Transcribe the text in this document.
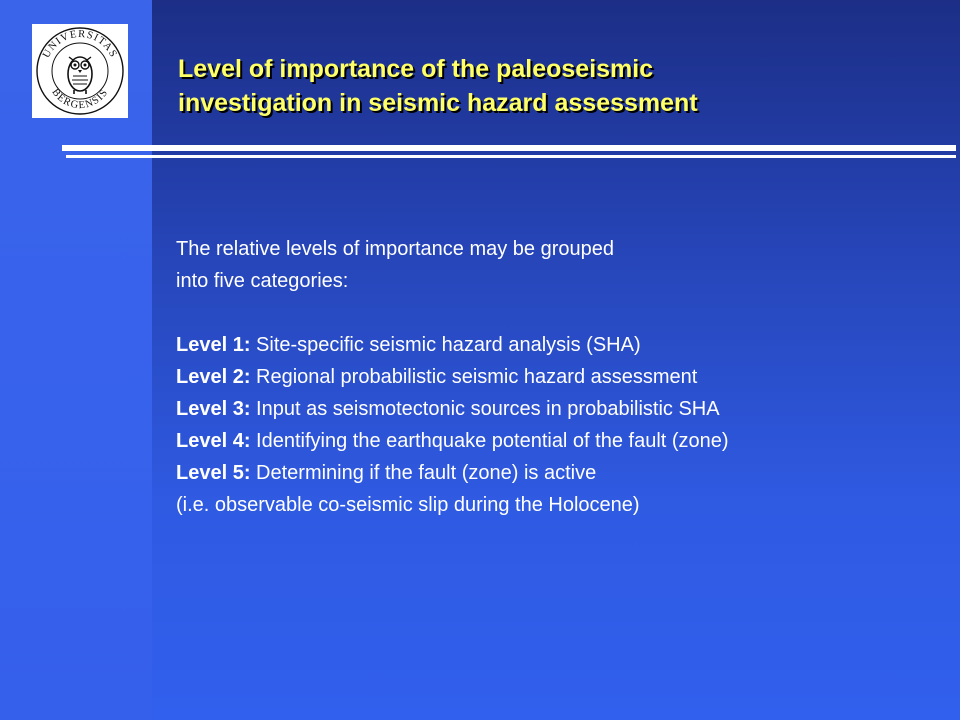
UNIVERSITAS
BERGENSIS
Level of importance of the paleoseismic
investigation in seismic hazard assessment
The relative levels of importance may be grouped
into five categories:
Level 1: Site-specific seismic hazard analysis (SHA)
Level 2: Regional probabilistic seismic hazard assessment
Level 3: Input as seismotectonic sources in probabilistic SHA
Level 4: Identifying the earthquake potential of the fault (zone)
Level 5: Determining if the fault (zone) is active
(i.e. observable co-seismic slip during the Holocene)
